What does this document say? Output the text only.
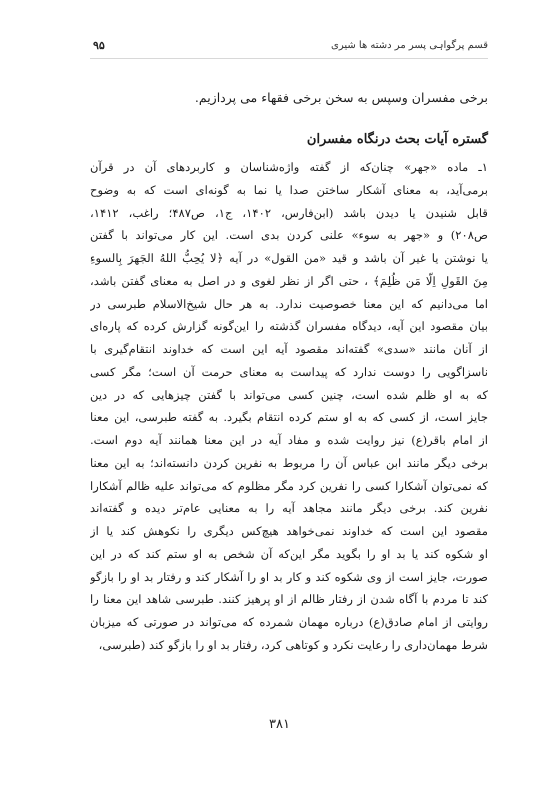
قسم پرگواہی پسر مر دشته ها شیری
۹۵
برخی مفسران وسپس به سخن برخی فقهاء می پردازیم.
گستره آیات بحث درنگاه مفسران
۱ـ ماده «جهر» چنان‌که از گفته واژه‌شناسان و کاربردهای آن در قرآن
برمی‌آید، به معنای آشکار ساختن صدا یا نما به گونه‌ای است که به وضوح
قابل شنیدن یا دیدن باشد (ابن‌فارس، ۱۴۰۲، ج۱، ص۴۸۷؛ راغب، ۱۴۱۲،
ص۲۰۸) و «جهر به سوء» علنی کردن بدی است. این کار می‌تواند با گفتن
یا نوشتن یا غیر آن باشد و قید «من القول» در آیه ﴿لا یُحِبُّ اللهُ الجَهرَ بِالسوءِ
مِنَ القَولِ اِلّا مَن ظُلِمَ﴾ ، حتی اگر از نظر لغوی و در اصل به معنای گفتن باشد،
اما می‌دانیم که این معنا خصوصیت ندارد. به هر حال شیخ‌الاسلام طبرسی در
بیان مقصود این آیه، دیدگاه مفسران گذشته را این‌گونه گزارش کرده که پاره‌ای
از آنان مانند «سدی» گفته‌اند مقصود آیه این است که خداوند انتقام‌گیری با
ناسزاگویی را دوست ندارد که پیداست به معنای حرمت آن است؛ مگر کسی
که به او ظلم شده است، چنین کسی می‌تواند با گفتن چیزهایی که در دین
جایز است، از کسی که به او ستم کرده انتقام بگیرد. به گفته طبرسی، این معنا
از امام باقر(ع) نیز روایت شده و مفاد آیه در این معنا همانند آیه دوم است.
برخی دیگر مانند ابن عباس آن را مربوط به نفرین کردن دانسته‌اند؛ به این معنا
که نمی‌توان آشکارا کسی را نفرین کرد مگر مظلوم که می‌تواند علیه ظالم آشکارا
نفرین کند. برخی دیگر مانند مجاهد آیه را به معنایی عام‌تر دیده و گفته‌اند
مقصود این است که خداوند نمی‌خواهد هیچ‌کس دیگری را نکوهش کند یا از
او شکوه کند یا بد او را بگوید مگر این‌که آن شخص به او ستم کند که در این
صورت، جایز است از وی شکوه کند و کار بد او را آشکار کند و رفتار بد او را بازگو
کند تا مردم با آگاه شدن از رفتار ظالم از او پرهیز کنند. طبرسی شاهد این معنا را
روایتی از امام صادق(ع) درباره مهمان شمرده که می‌تواند در صورتی که میزبان
شرط مهمان‌داری را رعایت نکرد و کوتاهی کرد، رفتار بد او را بازگو کند (طبرسی،
۳۸۱
